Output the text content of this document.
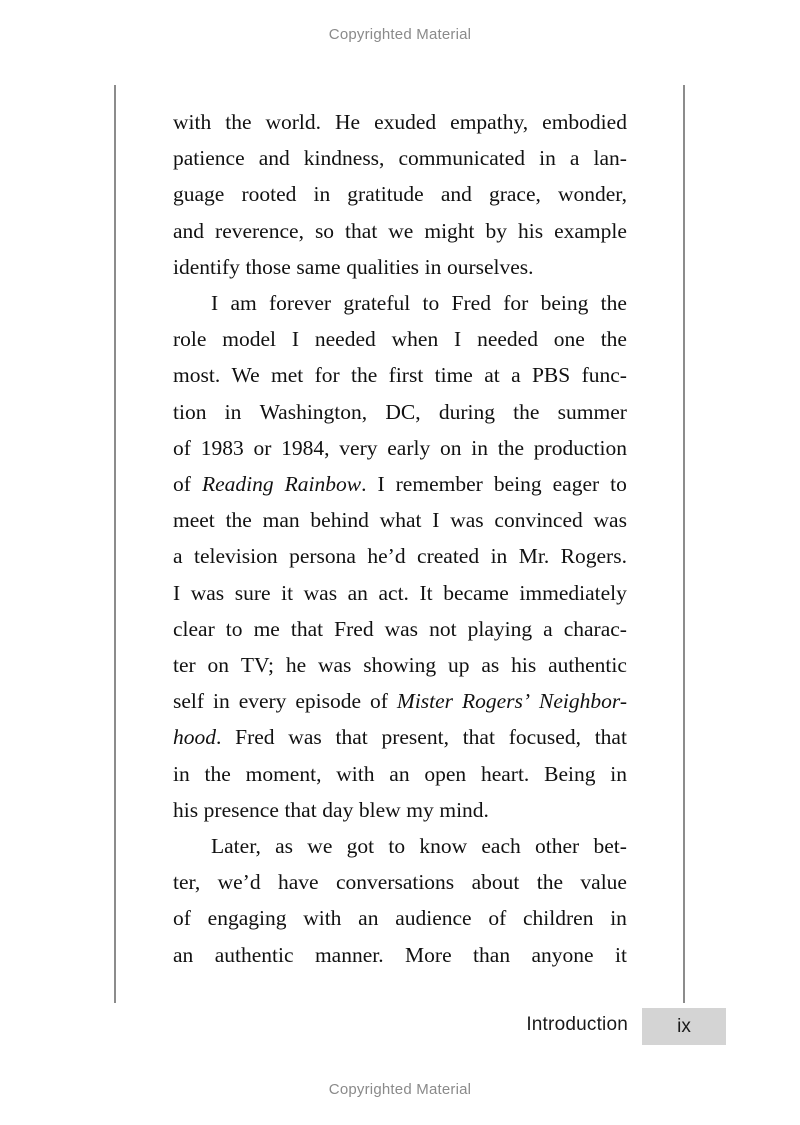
Copyrighted Material
with the world. He exuded empathy, embodied
patience and kindness, communicated in a lan-
guage rooted in gratitude and grace, wonder,
and reverence, so that we might by his example
identify those same qualities in ourselves.
I am forever grateful to Fred for being the
role model I needed when I needed one the
most. We met for the first time at a PBS func-
tion in Washington, DC, during the summer
of 1983 or 1984, very early on in the production
of Reading Rainbow. I remember being eager to
meet the man behind what I was convinced was
a television persona he’d created in Mr. Rogers.
I was sure it was an act. It became immediately
clear to me that Fred was not playing a charac-
ter on TV; he was showing up as his authentic
self in every episode of Mister Rogers’ Neighbor-
hood. Fred was that present, that focused, that
in the moment, with an open heart. Being in
his presence that day blew my mind.
Later, as we got to know each other bet-
ter, we’d have conversations about the value
of engaging with an audience of children in
an authentic manner. More than anyone it
Introduction	ix
Copyrighted Material
